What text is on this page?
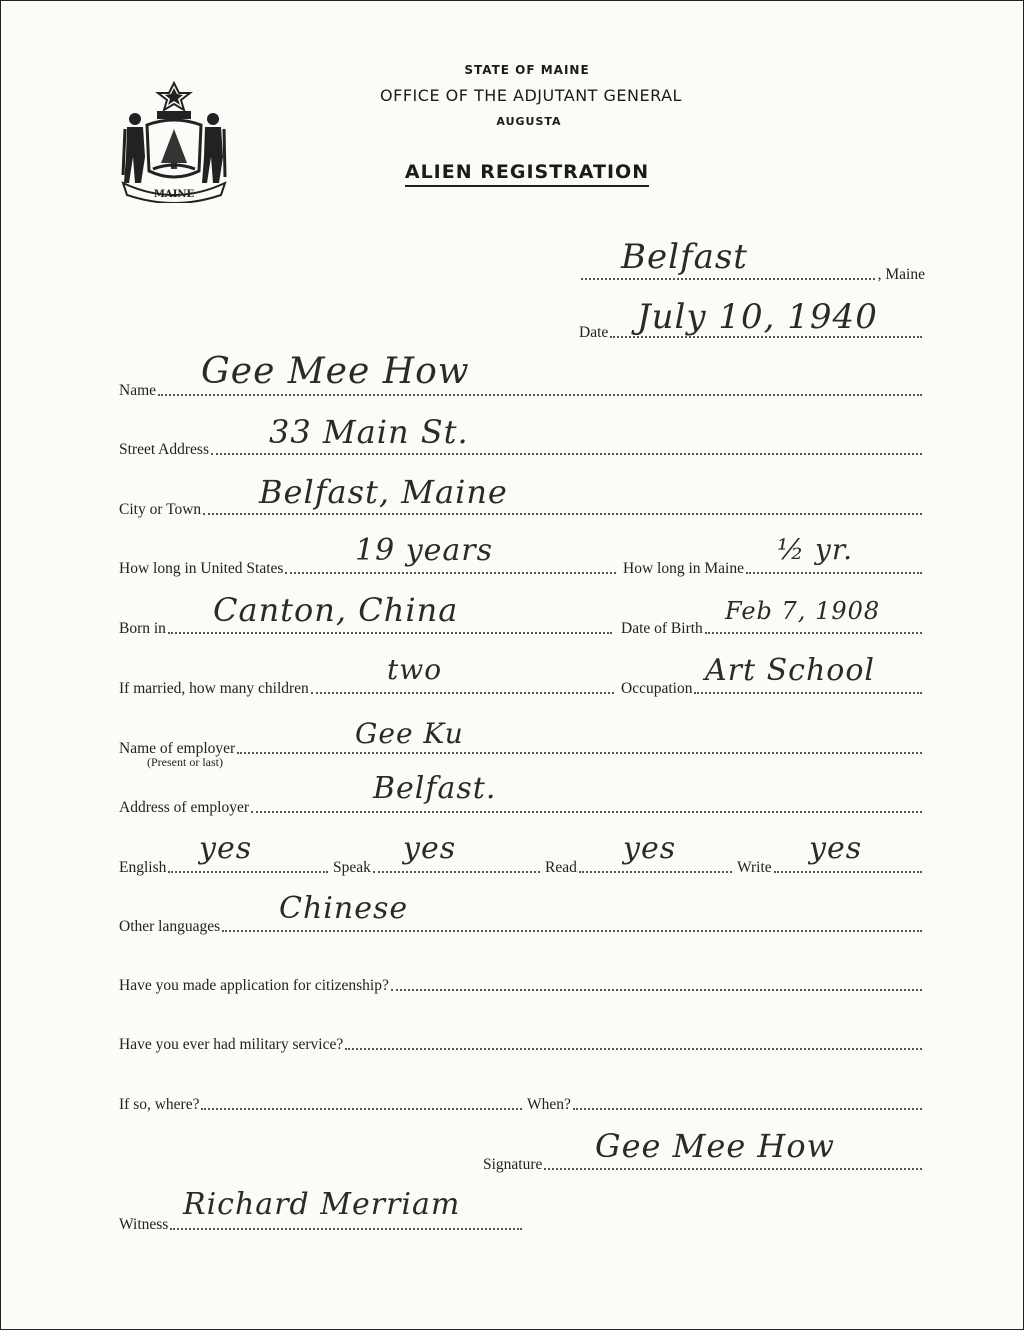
MAINE
STATE OF MAINE
OFFICE OF THE ADJUTANT GENERAL
AUGUSTA
ALIEN REGISTRATION
, Maine
Belfast
Date July 10, 1940
Name Gee Mee How
Street Address 33 Main St.
City or Town Belfast, Maine
How long in United States
19 years
How long in Maine
½ yr.
Born in Canton, China	Date of Birth
Feb 7, 1908
If married, how many children
two
Occupation
Art School
Name of employer
(Present or last)
Gee Ku
Address of employer
Belfast.
English
yes
Speak
yes
Read
yes
Write
yes
Other languages
Chinese
Have you made application for citizenship?
Have you ever had military service?
If so, where?	When?
Signature Gee Mee How
Witness
Richard Merriam
